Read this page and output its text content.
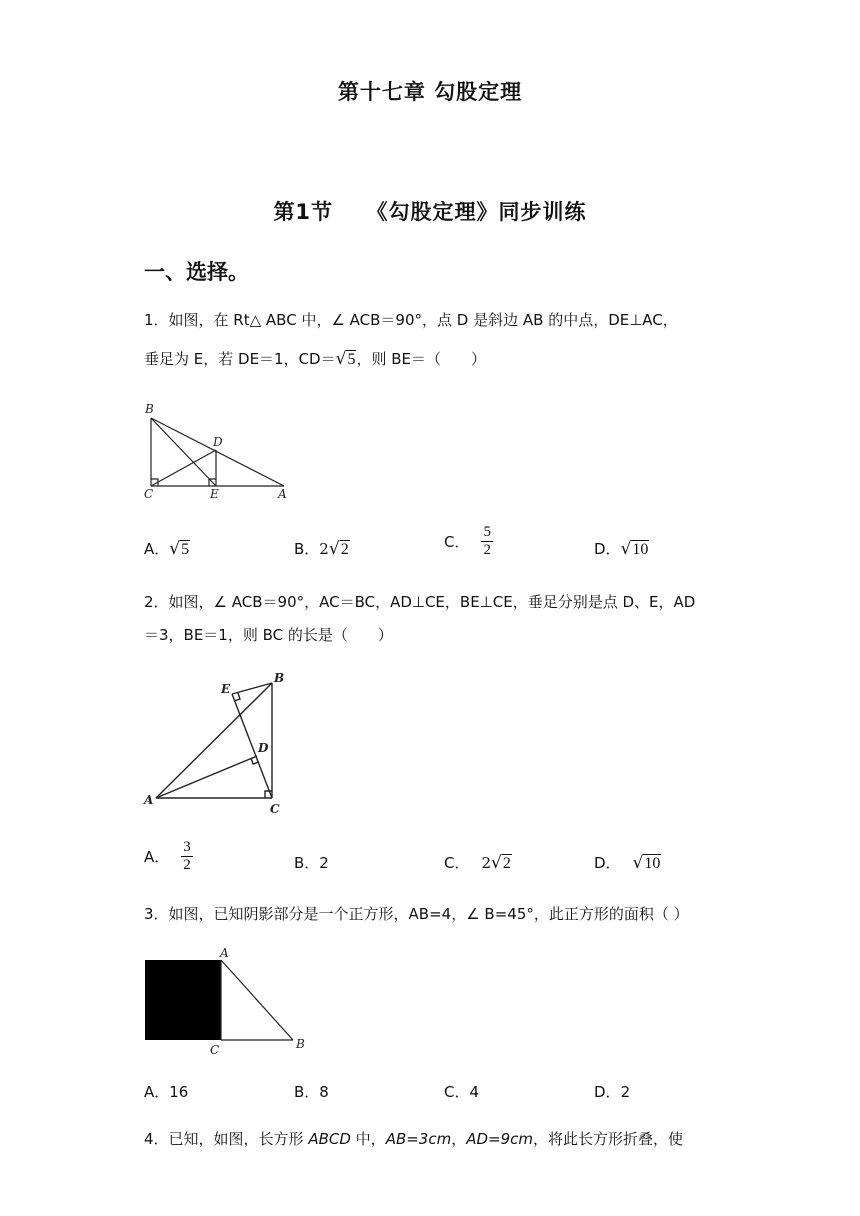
第十七章 勾股定理
第1节　　《勾股定理》同步训练
一、选择。
1．如图，在 Rt△ ABC 中，∠ ACB＝90°，点 D 是斜边 AB 的中点，DE⊥AC，
垂足为 E，若 DE＝1，CD＝√5，则 BE＝（　　）
B
D
C	E	A
A．√5	B．2√2	C． $\frac{5}{2}$	D．√10
2．如图，∠ ACB＝90°，AC＝BC，AD⊥CE，BE⊥CE，垂足分别是点 D、E，AD
＝3，BE＝1，则 BC 的长是（　　）
E
B
D
A
C
A． $\frac{3}{2}$	B．2	C． 2√2	D． √10
3．如图，已知阴影部分是一个正方形，AB=4，∠ B=45°，此正方形的面积（ ）
A
C	B
A．16	B．8	C．4	D．2
4．已知，如图，长方形 ABCD 中，AB=3cm，AD=9cm，将此长方形折叠，使
